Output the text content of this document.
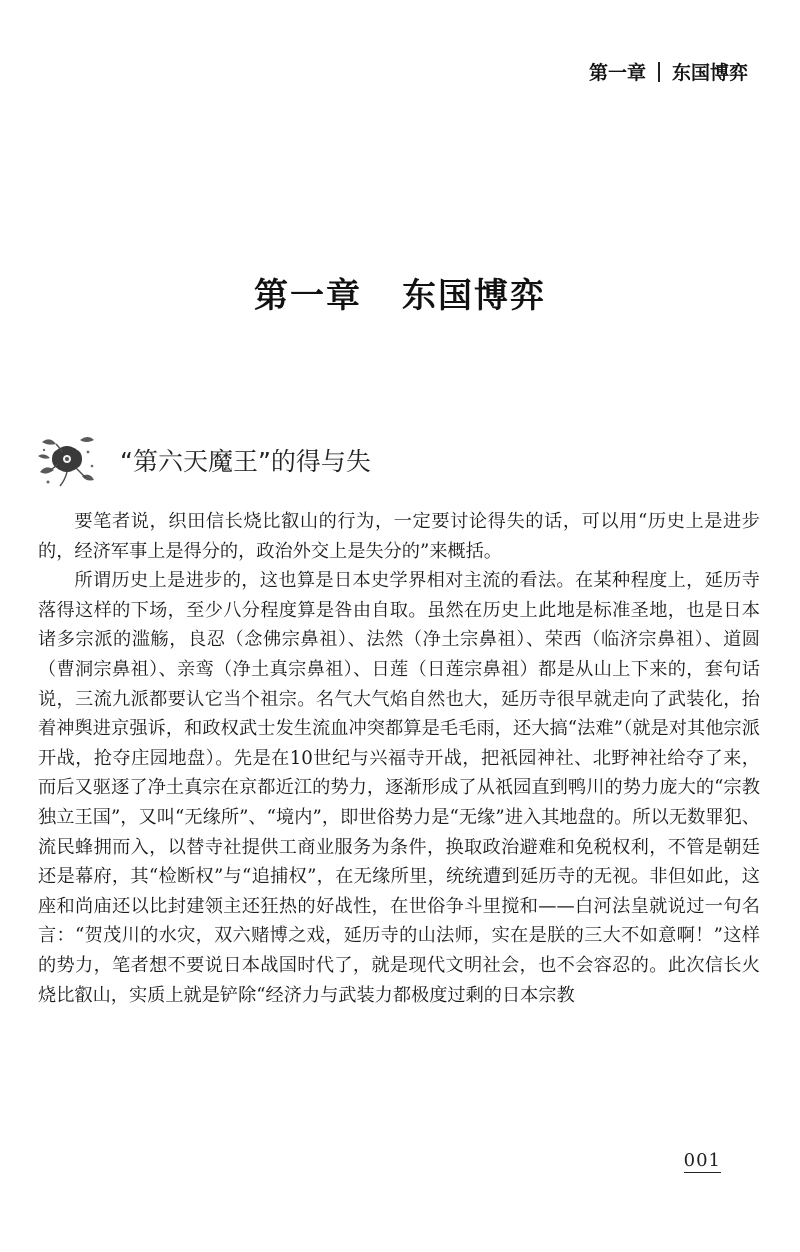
第一章 东国博弈
第一章 东国博弈
“第六天魔王”的得与失

要笔者说，织田信长烧比叡山的行为，一定要讨论得失的话，可以用“历史上是进步的，经济军事上是得分的，政治外交上是失分的”来概括。

所谓历史上是进步的，这也算是日本史学界相对主流的看法。在某种程度上，延历寺落得这样的下场，至少八分程度算是咎由自取。虽然在历史上此地是标准圣地，也是日本诸多宗派的滥觞，良忍（念佛宗鼻祖）、法然（净土宗鼻祖）、荣西（临济宗鼻祖）、道圆（曹洞宗鼻祖）、亲鸾（净土真宗鼻祖）、日莲（日莲宗鼻祖）都是从山上下来的，套句话说，三流九派都要认它当个祖宗。名气大气焰自然也大，延历寺很早就走向了武装化，抬着神舆进京强诉，和政权武士发生流血冲突都算是毛毛雨，还大搞“法难”（就是对其他宗派开战，抢夺庄园地盘）。先是在10世纪与兴福寺开战，把祇园神社、北野神社给夺了来，而后又驱逐了净土真宗在京都近江的势力，逐渐形成了从祇园直到鸭川的势力庞大的“宗教独立王国”，又叫“无缘所”、“境内”，即世俗势力是“无缘”进入其地盘的。所以无数罪犯、流民蜂拥而入，以替寺社提供工商业服务为条件，换取政治避难和免税权利，不管是朝廷还是幕府，其“检断权”与“追捕权”，在无缘所里，统统遭到延历寺的无视。非但如此，这座和尚庙还以比封建领主还狂热的好战性，在世俗争斗里搅和——白河法皇就说过一句名言：“贺茂川的水灾，双六赌博之戏，延历寺的山法师，实在是朕的三大不如意啊！”这样的势力，笔者想不要说日本战国时代了，就是现代文明社会，也不会容忍的。此次信长火烧比叡山，实质上就是铲除“经济力与武装力都极度过剩的日本宗教

001
